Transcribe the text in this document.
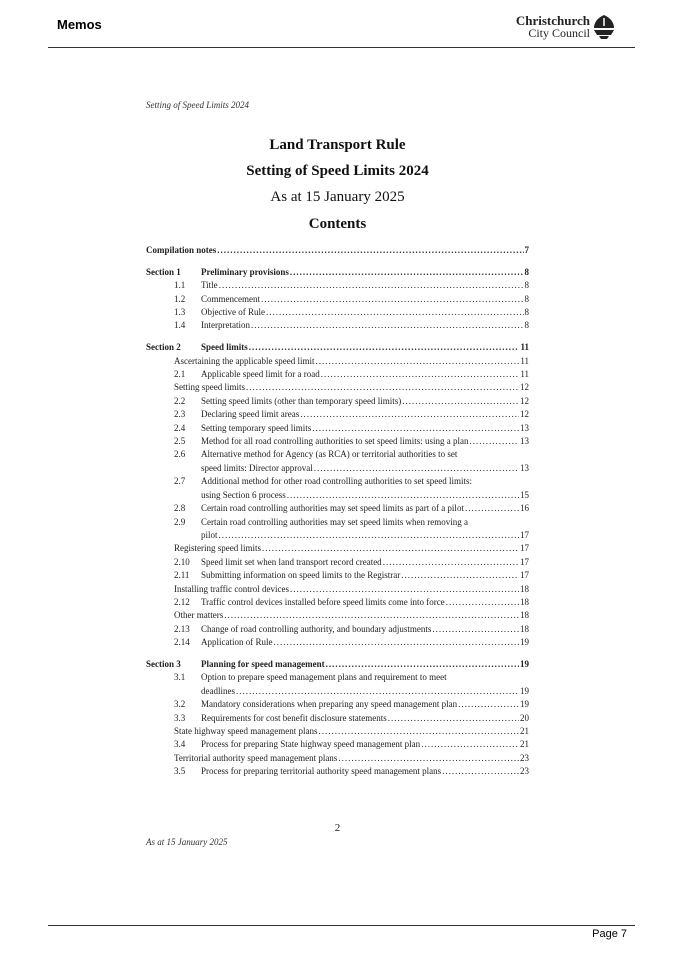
Memos	Christchurch
City Council
Setting of Speed Limits 2024
Land Transport Rule
Setting of Speed Limits 2024
As at 15 January 2025
Contents
Compilation notes .....	7
Section 1	Preliminary provisions .....	8
1.1	Title .....	8
1.2	Commencement .....	8
1.3	Objective of Rule .....	8
1.4	Interpretation .....	8
Section 2	Speed limits .....	11
Ascertaining the applicable speed limit .....	11
2.1	Applicable speed limit for a road .....	11
Setting speed limits .....	12
2.2	Setting speed limits (other than temporary speed limits) .....	12
2.3	Declaring speed limit areas .....	12
2.4	Setting temporary speed limits .....	13
2.5	Method for all road controlling authorities to set speed limits: using a plan .....	13
2.6	Alternative method for Agency (as RCA) or territorial authorities to set
speed limits: Director approval .....	13
2.7	Additional method for other road controlling authorities to set speed limits:
using Section 6 process .....	15
2.8	Certain road controlling authorities may set speed limits as part of a pilot .....	16
2.9	Certain road controlling authorities may set speed limits when removing a
pilot .....	17
Registering speed limits .....	17
2.10	Speed limit set when land transport record created .....	17
2.11	Submitting information on speed limits to the Registrar .....	17
Installing traffic control devices .....	18
2.12	Traffic control devices installed before speed limits come into force .....	18
Other matters .....	18
2.13	Change of road controlling authority, and boundary adjustments .....	18
2.14	Application of Rule .....	19
Section 3	Planning for speed management .....	19
3.1	Option to prepare speed management plans and requirement to meet
deadlines .....	19
3.2	Mandatory considerations when preparing any speed management plan .....	19
3.3	Requirements for cost benefit disclosure statements .....	20
State highway speed management plans .....	21
3.4	Process for preparing State highway speed management plan .....	21
Territorial authority speed management plans .....	23
3.5	Process for preparing territorial authority speed management plans .....	23
2
As at 15 January 2025
Page 7
